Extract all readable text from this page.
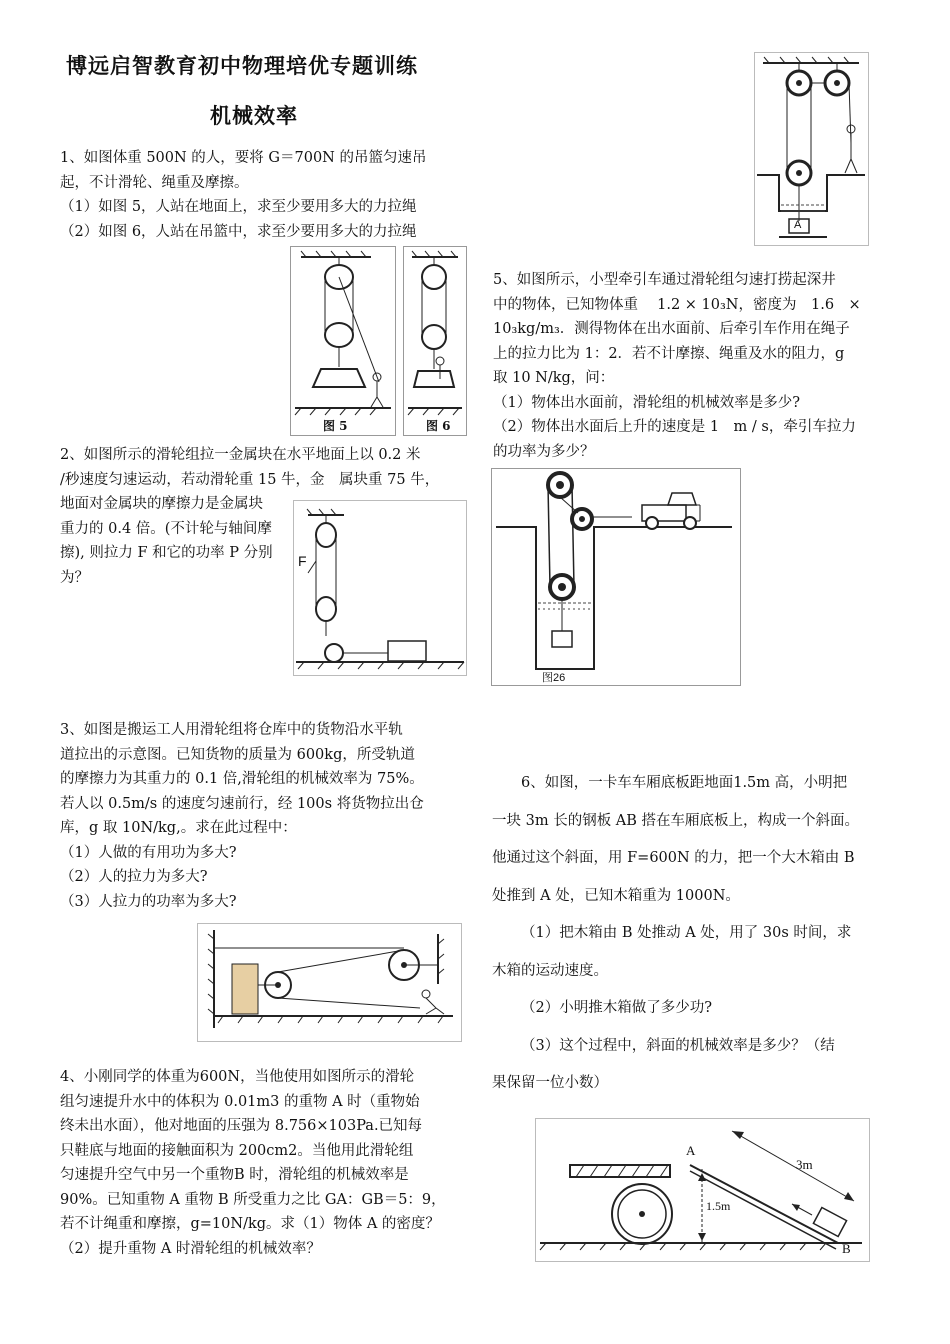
博远启智教育初中物理培优专题训练
机械效率

1、如图体重 500N 的人，要将 G＝700N 的吊篮匀速吊

起，不计滑轮、绳重及摩擦。

（1）如图 5，人站在地面上，求至少要用多大的力拉绳

（2）如图 6，人站在吊篮中，求至少要用多大的力拉绳

图 5	图 6

2、如图所示的滑轮组拉一金属块在水平地面上以 0.2 米

/秒速度匀速运动，若动滑轮重 15 牛，金　属块重 75 牛，

地面对金属块的摩擦力是金属块

重力的 0.4 倍。(不计轮与轴间摩

擦), 则拉力 F 和它的功率 P 分别

为？

F

3、如图是搬运工人用滑轮组将仓库中的货物沿水平轨

道拉出的示意图。已知货物的质量为 600kg，所受轨道

的摩擦力为其重力的 0.1 倍,滑轮组的机械效率为 75%。

若人以 0.5m/s 的速度匀速前行，经 100s 将货物拉出仓

库，g 取 10N/kg,。求在此过程中：

（1）人做的有用功为多大?

（2）人的拉力为多大?

（3）人拉力的功率为多大?

4、小刚同学的体重为600N，当他使用如图所示的滑轮

组匀速提升水中的体积为 0.01m3 的重物 A 时（重物始

终未出水面），他对地面的压强为 8.756×103Pa.已知每

只鞋底与地面的接触面积为 200cm2。当他用此滑轮组

匀速提升空气中另一个重物B 时，滑轮组的机械效率是

90%。已知重物 A 重物 B 所受重力之比 GA：GB＝5：9，

若不计绳重和摩擦，g=10N/kg。求（1）物体 A 的密度？

（2）提升重物 A 时滑轮组的机械效率？

A

5、如图所示，小型牵引车通过滑轮组匀速打捞起深井

中的物体，已知物体重　 1.2 × 10₃N，密度为　1.6　×

10₃kg/m₃．测得物体在出水面前、后牵引车作用在绳子

上的拉力比为 1：2．若不计摩擦、绳重及水的阻力，g

取 10 N/kg，问：

（1）物体出水面前，滑轮组的机械效率是多少?

（2）物体出水面后上升的速度是 1　m / s，牵引车拉力

的功率为多少？

图26

6、如图，一卡车车厢底板距地面1.5m 高，小明把

一块 3m 长的钢板 AB 搭在车厢底板上，构成一个斜面。

他通过这个斜面，用 F=600N 的力，把一个大木箱由 B

处推到 A 处，已知木箱重为 1000N。

（1）把木箱由 B 处推动 A 处，用了 30s 时间，求

木箱的运动速度。

（2）小明推木箱做了多少功?

（3）这个过程中，斜面的机械效率是多少？（结

果保留一位小数）

A
B
3m
1.5m
